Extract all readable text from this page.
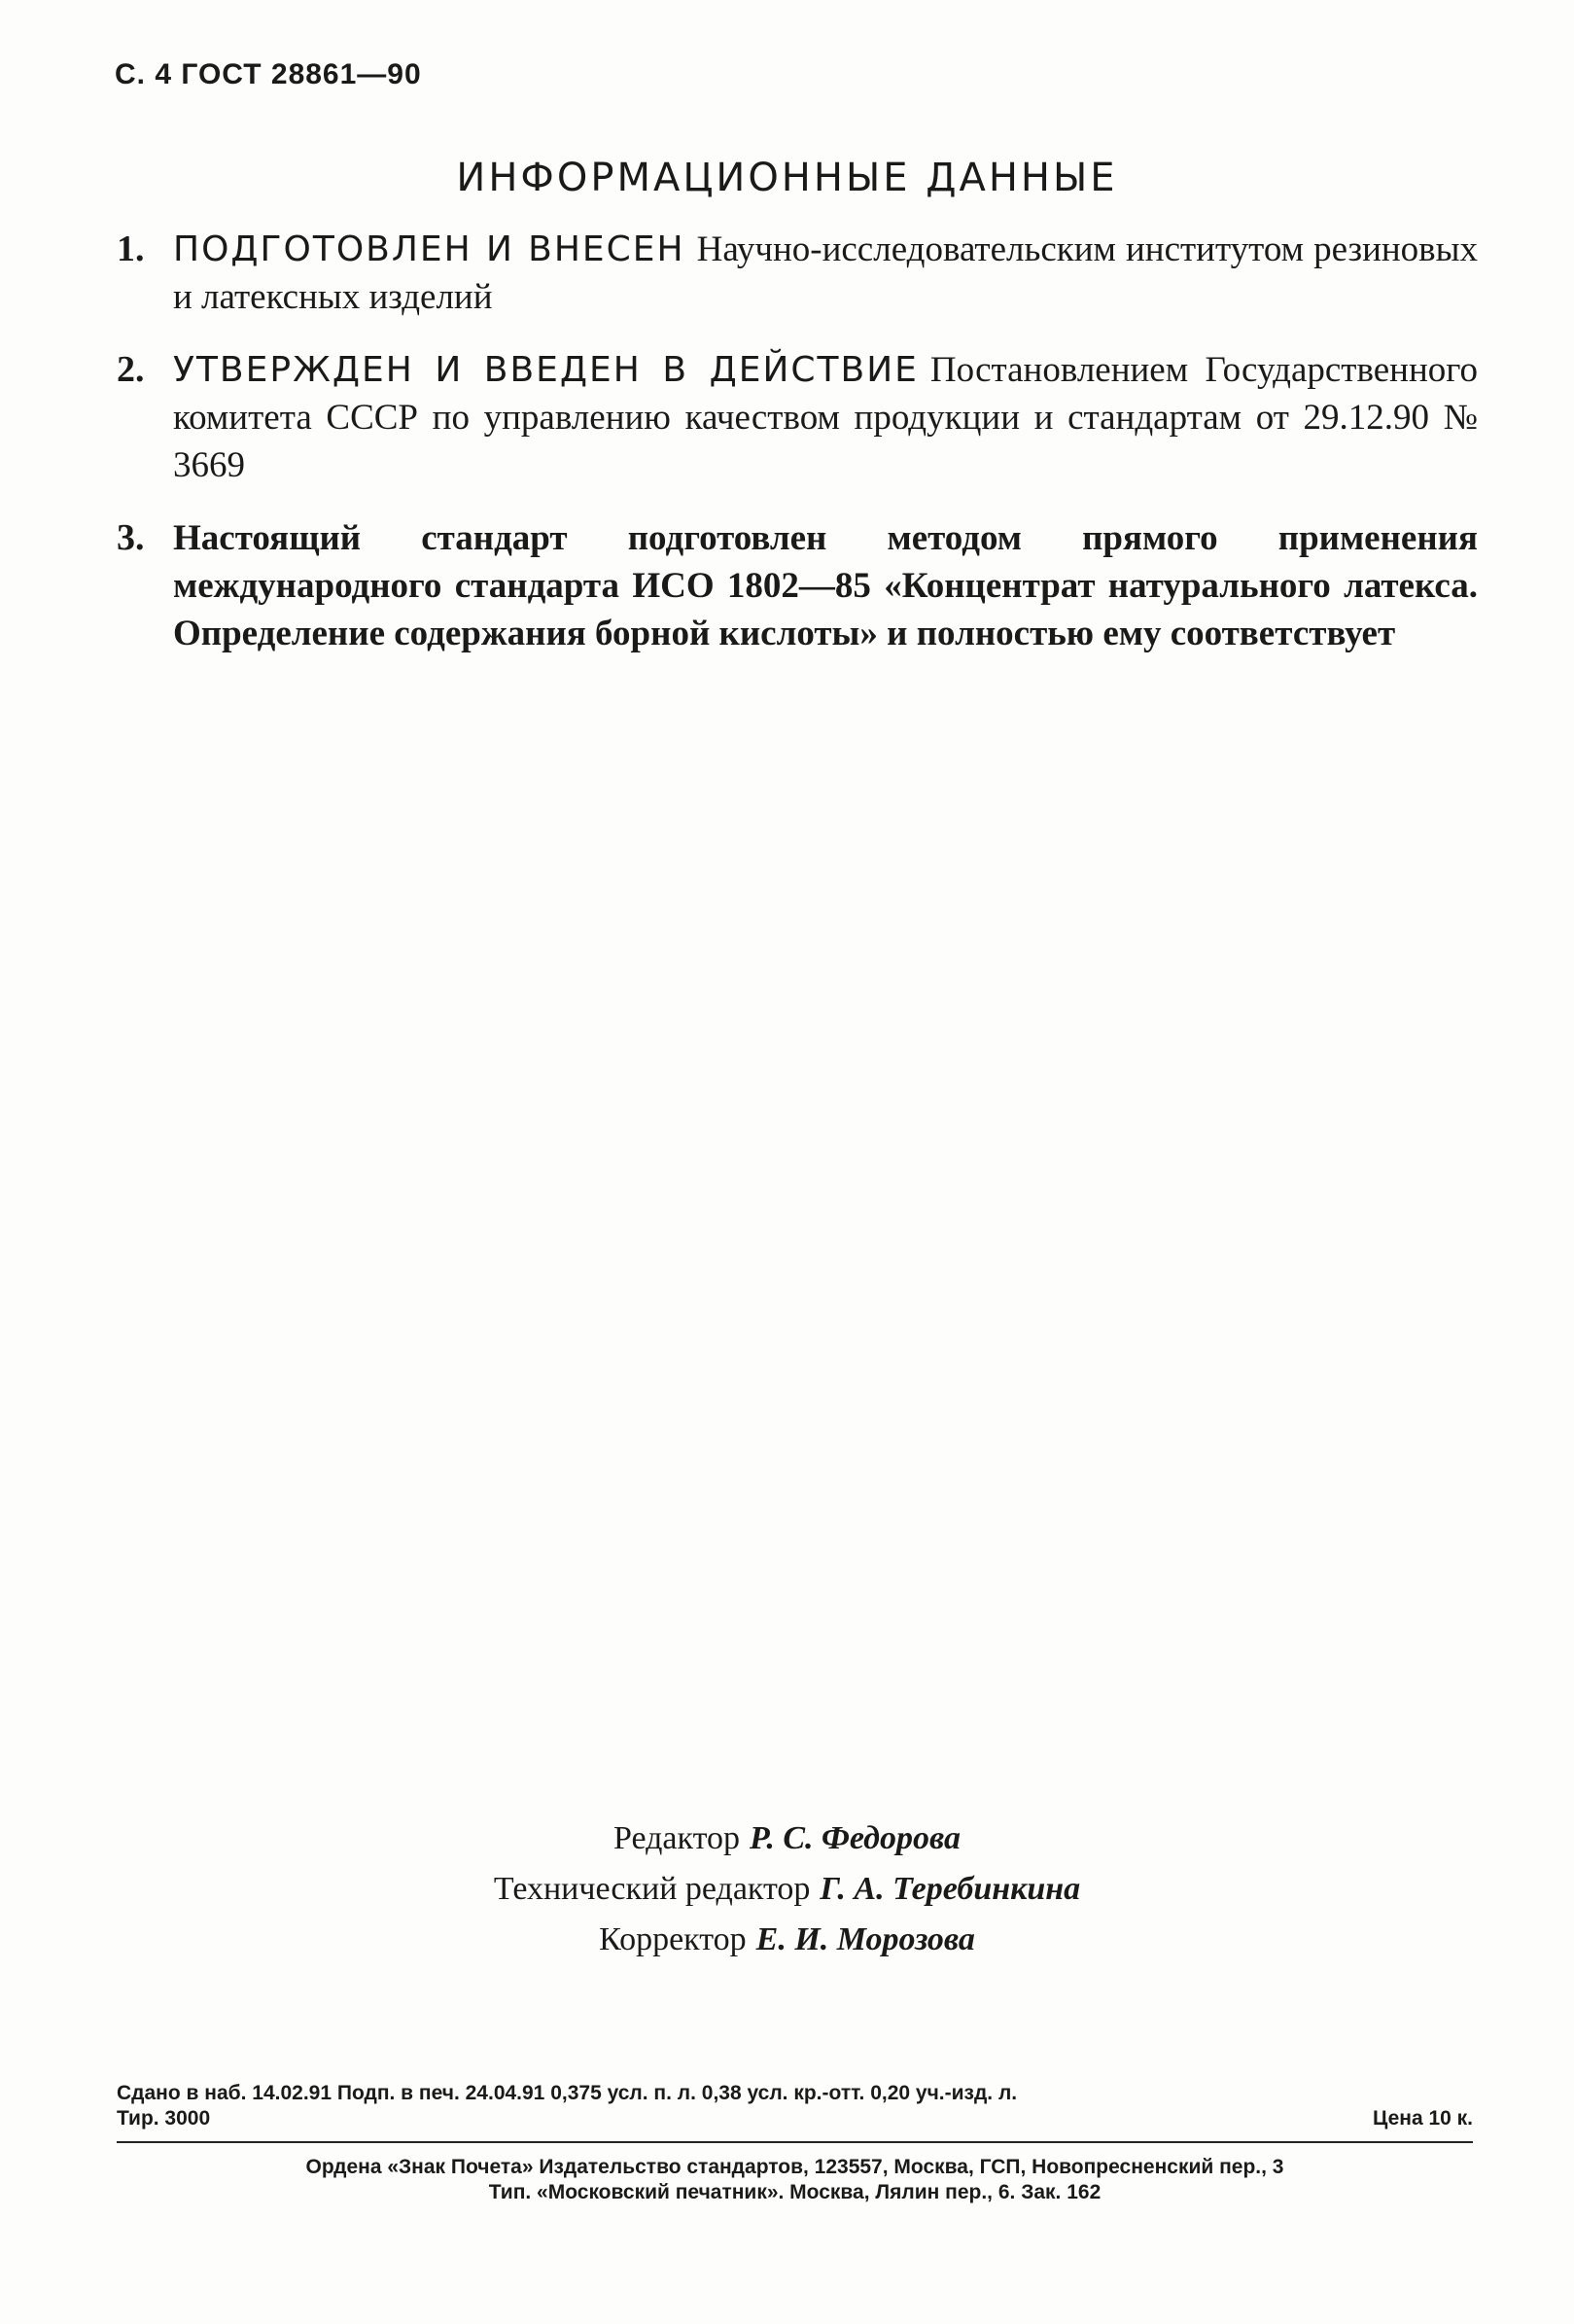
С. 4 ГОСТ 28861—90
ИНФОРМАЦИОННЫЕ ДАННЫЕ
1. ПОДГОТОВЛЕН И ВНЕСЕН Научно-исследовательским институтом резиновых и латексных изделий
2. УТВЕРЖДЕН И ВВЕДЕН В ДЕЙСТВИЕ Постановлением Государственного комитета СССР по управлению качеством продукции и стандартам от 29.12.90 № 3669
3. Настоящий стандарт подготовлен методом прямого применения международного стандарта ИСО 1802—85 «Концентрат натурального латекса. Определение содержания борной кислоты» и полностью ему соответствует
Редактор Р. С. Федорова
Технический редактор Г. А. Теребинкина
Корректор Е. И. Морозова
Сдано в наб. 14.02.91 Подп. в печ. 24.04.91 0,375 усл. п. л. 0,38 усл. кр.-отт. 0,20 уч.-изд. л.
Тир. 3000	Цена 10 к.
Ордена «Знак Почета» Издательство стандартов, 123557, Москва, ГСП, Новопресненский пер., 3
Тип. «Московский печатник». Москва, Лялин пер., 6. Зак. 162
